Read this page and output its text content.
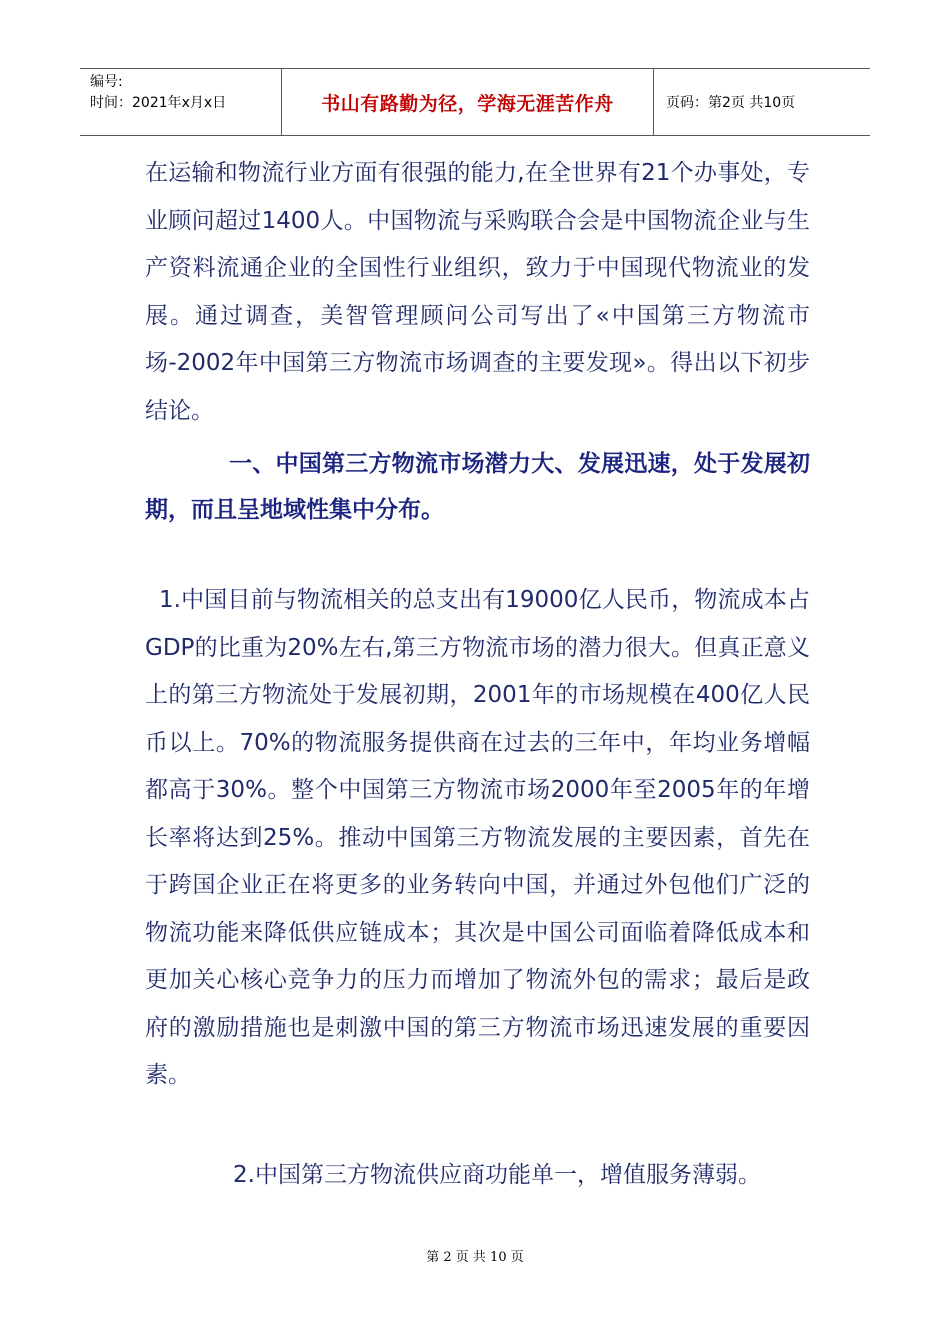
编号:
时间：2021年x月x日	书山有路勤为径，学海无涯苦作舟	页码：第2页 共10页

在运输和物流行业方面有很强的能力,在全世界有21个办事处，专业顾问超过1400人。中国物流与采购联合会是中国物流企业与生产资料流通企业的全国性行业组织，致力于中国现代物流业的发展。通过调查，美智管理顾问公司写出了«中国第三方物流市场-2002年中国第三方物流市场调查的主要发现»。得出以下初步结论。

一、中国第三方物流市场潜力大、发展迅速，处于发展初期，而且呈地域性集中分布。

1.中国目前与物流相关的总支出有19000亿人民币，物流成本占GDP的比重为20%左右,第三方物流市场的潜力很大。但真正意义上的第三方物流处于发展初期，2001年的市场规模在400亿人民币以上。70%的物流服务提供商在过去的三年中，年均业务增幅都高于30%。整个中国第三方物流市场2000年至2005年的年增长率将达到25%。推动中国第三方物流发展的主要因素，首先在于跨国企业正在将更多的业务转向中国，并通过外包他们广泛的物流功能来降低供应链成本；其次是中国公司面临着降低成本和更加关心核心竞争力的压力而增加了物流外包的需求；最后是政府的激励措施也是刺激中国的第三方物流市场迅速发展的重要因素。

2.中国第三方物流供应商功能单一，增值服务薄弱。

第 2 页 共 10 页
